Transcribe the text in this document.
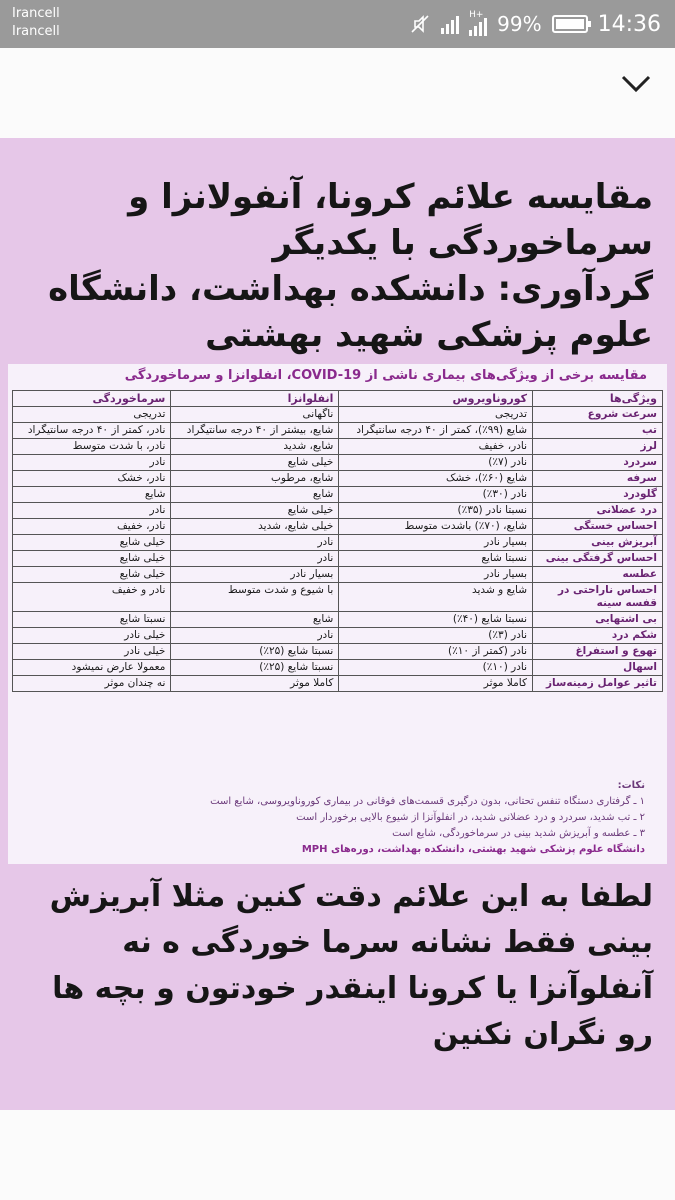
Irancell
Irancell
H+ 99%	14:36
مقایسه علائم کرونا، آنفولانزا و سرماخوردگی با یکدیگر
گردآوری: دانشکده بهداشت، دانشگاه علوم پزشکی شهید بهشتی
مقایسه برخی از ویژگی‌های بیماری ناشی از COVID-19، انفلوانزا و سرماخوردگی
ویژگی‌ها	کوروناویروس	انفلوانزا	سرماخوردگی
سرعت شروع	تدریجی	ناگهانی	تدریجی
تب	شایع (۹۹٪)، کمتر از ۴۰ درجه سانتیگراد	شایع، بیشتر از ۴۰ درجه سانتیگراد	نادر، کمتر از ۴۰ درجه سانتیگراد
لرز	نادر، خفیف	شایع، شدید	نادر، با شدت متوسط
سردرد	نادر (۷٪)	خیلی شایع	نادر
سرفه	شایع (۶۰٪)، خشک	شایع، مرطوب	نادر، خشک
گلودرد	نادر (۳۰٪)	شایع	شایع
درد عضلانی	نسبتا نادر (۳۵٪)	خیلی شایع	نادر
احساس خستگی	شایع، (۷۰٪) باشدت متوسط	خیلی شایع، شدید	نادر، خفیف
آبریزش بینی	بسیار نادر	نادر	خیلی شایع
احساس گرفتگی بینی	نسبتا شایع	نادر	خیلی شایع
عطسه	بسیار نادر	بسیار نادر	خیلی شایع
احساس ناراحتی در قفسه سینه	شایع و شدید	با شیوع و شدت متوسط	نادر و خفیف
بی اشتهایی	نسبتا شایع (۴۰٪)	شایع	نسبتا شایع
شکم درد	نادر (۳٪)	نادر	خیلی نادر
تهوع و استفراغ	نادر (کمتر از ۱۰٪)	نسبتا شایع (۲۵٪)	خیلی نادر
اسهال	نادر (۱۰٪)	نسبتا شایع (۲۵٪)	معمولا عارض نمیشود
تاثیر عوامل زمینه‌ساز	کاملا موثر	کاملا موثر	نه چندان موثر
نکات:
۱ ـ گرفتاری دستگاه تنفس تحتانی، بدون درگیری قسمت‌های فوقانی در بیماری کوروناویروسی، شایع است
۲ ـ تب شدید، سردرد و درد عضلانی شدید، در انفلوآنزا از شیوع بالایی برخوردار است
۳ ـ عطسه و آبریزش شدید بینی در سرماخوردگی، شایع است
دانشگاه علوم پزشکی شهید بهشتی، دانشکده بهداشت، دوره‌های MPH
لطفا به این علائم دقت کنین مثلا آبریزش بینی فقط نشانه سرما خوردگی ه نه آنفلوآنزا یا کرونا اینقدر خودتون و بچه ها رو نگران نکنین
